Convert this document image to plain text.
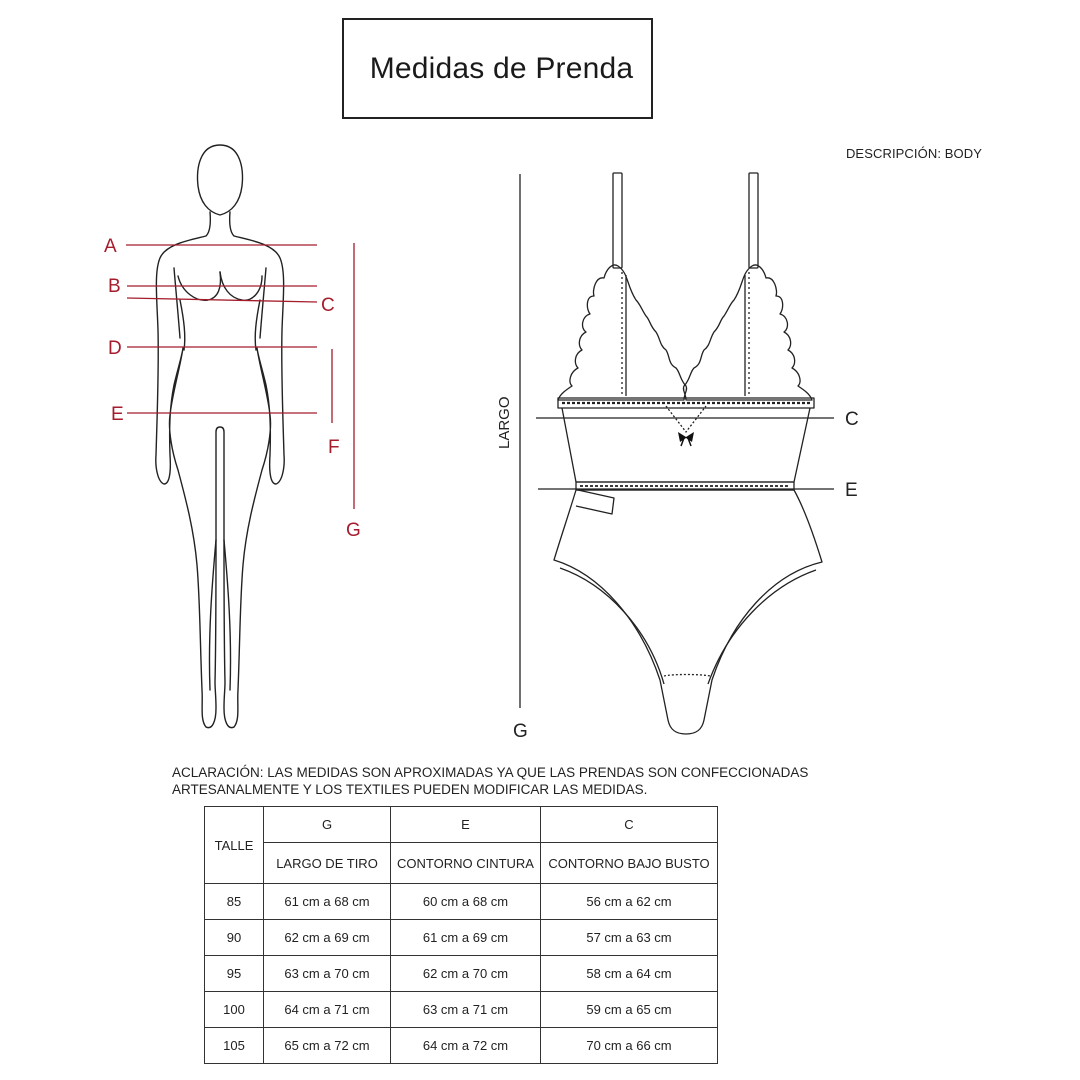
Medidas de Prenda
DESCRIPCIÓN: BODY
A
B
C
D
E
F
G
LARGO	C
E
G
ACLARACIÓN: LAS MEDIDAS SON APROXIMADAS YA QUE LAS PRENDAS SON CONFECCIONADAS
ARTESANALMENTE Y LOS TEXTILES PUEDEN MODIFICAR LAS MEDIDAS.
TALLE	G	E	C
	LARGO DE TIRO	CONTORNO CINTURA	CONTORNO BAJO BUSTO
85	61 cm a 68 cm	60 cm a 68 cm	56 cm a 62 cm
90	62 cm a 69 cm	61 cm a 69 cm	57 cm a 63 cm
95	63 cm a 70 cm	62 cm a 70 cm	58 cm a 64 cm
100	64 cm a 71 cm	63 cm a 71 cm	59 cm a 65 cm
105	65 cm a 72 cm	64 cm a 72 cm	70 cm a 66 cm
